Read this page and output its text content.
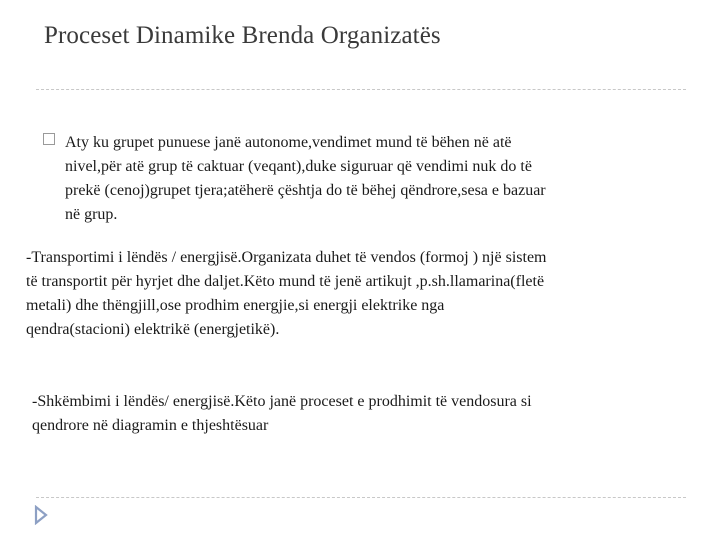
Proceset Dinamike Brenda Organizatës

Aty ku grupet punuese janë autonome,vendimet mund të bëhen në atë
nivel,për atë grup të caktuar (veqant),duke siguruar që vendimi nuk do të
prekë (cenoj)grupet tjera;atëherë çështja do të bëhej qëndrore,sesa e bazuar
në grup.

-Transportimi i lëndës / energjisë.Organizata duhet të vendos (formoj ) një sistem
të transportit për hyrjet dhe daljet.Këto mund të jenë artikujt ,p.sh.llamarina(fletë
metali) dhe thëngjill,ose prodhim energjie,si energji elektrike nga
qendra(stacioni) elektrikë (energjetikë).

-Shkëmbimi i lëndës/ energjisë.Këto janë proceset e prodhimit të vendosura si
qendrore në diagramin e thjeshtësuar
